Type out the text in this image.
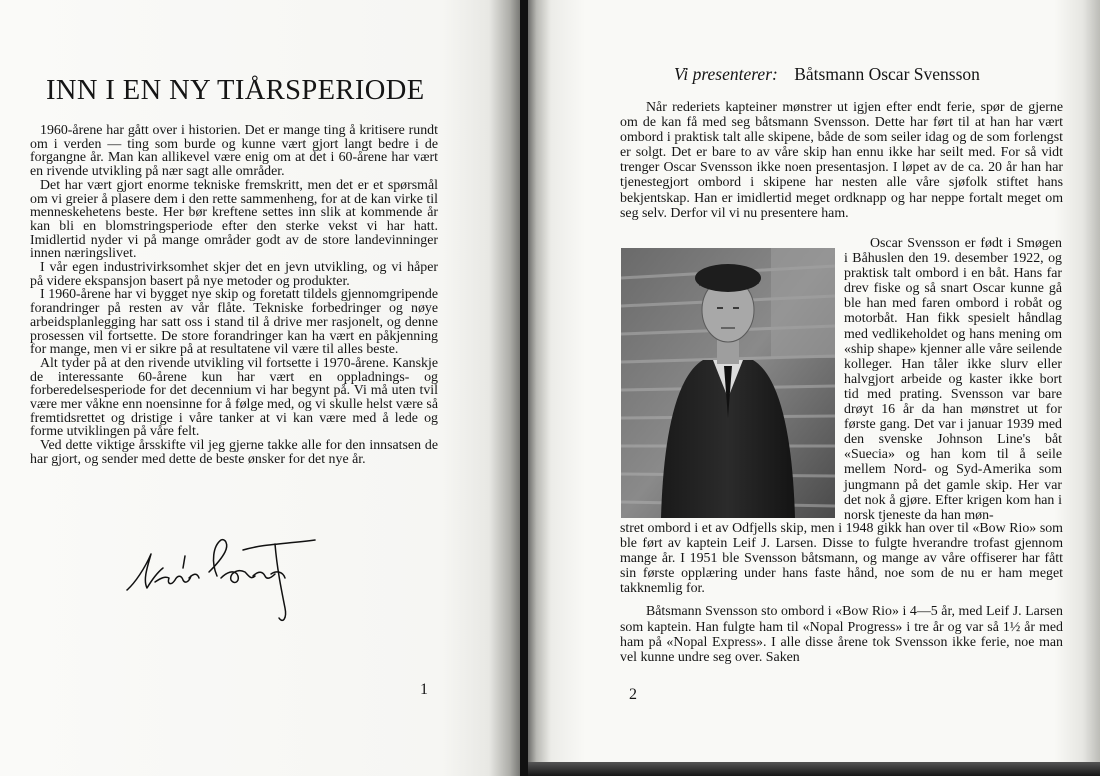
INN I EN NY TIÅRSPERIODE

1960-årene har gått over i historien. Det er mange ting å kritisere rundt om i verden — ting som burde og kunne vært gjort langt bedre i de forgangne år. Man kan allikevel være enig om at det i 60-årene har vært en rivende utvikling på nær sagt alle områder.

Det har vært gjort enorme tekniske fremskritt, men det er et spørsmål om vi greier å plasere dem i den rette sammenheng, for at de kan virke til menneskehetens beste. Her bør kreftene settes inn slik at kommende år kan bli en blomstringsperiode efter den sterke vekst vi har hatt. Imidlertid nyder vi på mange områder godt av de store landevinninger innen næringslivet.

I vår egen industrivirksomhet skjer det en jevn utvikling, og vi håper på videre ekspansjon basert på nye metoder og produkter.

I 1960-årene har vi bygget nye skip og foretatt tildels gjennomgripende forandringer på resten av vår flåte. Tekniske forbedringer og nøye arbeidsplanlegging har satt oss i stand til å drive mer rasjonelt, og denne prosessen vil fortsette. De store forandringer kan ha vært en påkjenning for mange, men vi er sikre på at resultatene vil være til alles beste.

Alt tyder på at den rivende utvikling vil fortsette i 1970-årene. Kanskje de interessante 60-årene kun har vært en oppladnings- og forberedelsesperiode for det decennium vi har begynt på. Vi må uten tvil være mer våkne enn noensinne for å følge med, og vi skulle helst være så fremtidsrettet og dristige i våre tanker at vi kan være med å lede og forme utviklingen på våre felt.

Ved dette viktige årsskifte vil jeg gjerne takke alle for den innsatsen de har gjort, og sender med dette de beste ønsker for det nye år.

1
Vi presenterer: Båtsmann Oscar Svensson

Når rederiets kapteiner mønstrer ut igjen efter endt ferie, spør de gjerne om de kan få med seg båtsmann Svensson. Dette har ført til at han har vært ombord i praktisk talt alle skipene, både de som seiler idag og de som forlengst er solgt. Det er bare to av våre skip han ennu ikke har seilt med. For så vidt trenger Oscar Svensson ikke noen presentasjon. I løpet av de ca. 20 år han har tjenestegjort ombord i skipene har nesten alle våre sjøfolk stiftet hans bekjentskap. Han er imidlertid meget ordknapp og har neppe fortalt meget om seg selv. Derfor vil vi nu presentere ham.

Oscar Svensson er født i Smøgen i Båhuslen den 19. desember 1922, og praktisk talt ombord i en båt. Hans far drev fiske og så snart Oscar kunne gå ble han med faren ombord i robåt og motorbåt. Han fikk spesielt håndlag med vedlikeholdet og hans mening om «ship shape» kjenner alle våre seilende kolleger. Han tåler ikke slurv eller halvgjort arbeide og kaster ikke bort tid med prating. Svensson var bare drøyt 16 år da han mønstret ut for første gang. Det var i januar 1939 med den svenske Johnson Line's båt «Suecia» og han kom til å seile mellem Nord- og Syd-Amerika som jungmann på det gamle skip. Her var det nok å gjøre. Efter krigen kom han i norsk tjeneste da han møn-

stret ombord i et av Odfjells skip, men i 1948 gikk han over til «Bow Rio» som ble ført av kaptein Leif J. Larsen. Disse to fulgte hverandre trofast gjennom mange år. I 1951 ble Svensson båtsmann, og mange av våre offiserer har fått sin første opplæring under hans faste hånd, noe som de nu er ham meget takknemlig for.

Båtsmann Svensson sto ombord i «Bow Rio» i 4—5 år, med Leif J. Larsen som kaptein. Han fulgte ham til «Nopal Progress» i tre år og var så 1½ år med ham på «Nopal Express». I alle disse årene tok Svensson ikke ferie, noe man vel kunne undre seg over. Saken

2
